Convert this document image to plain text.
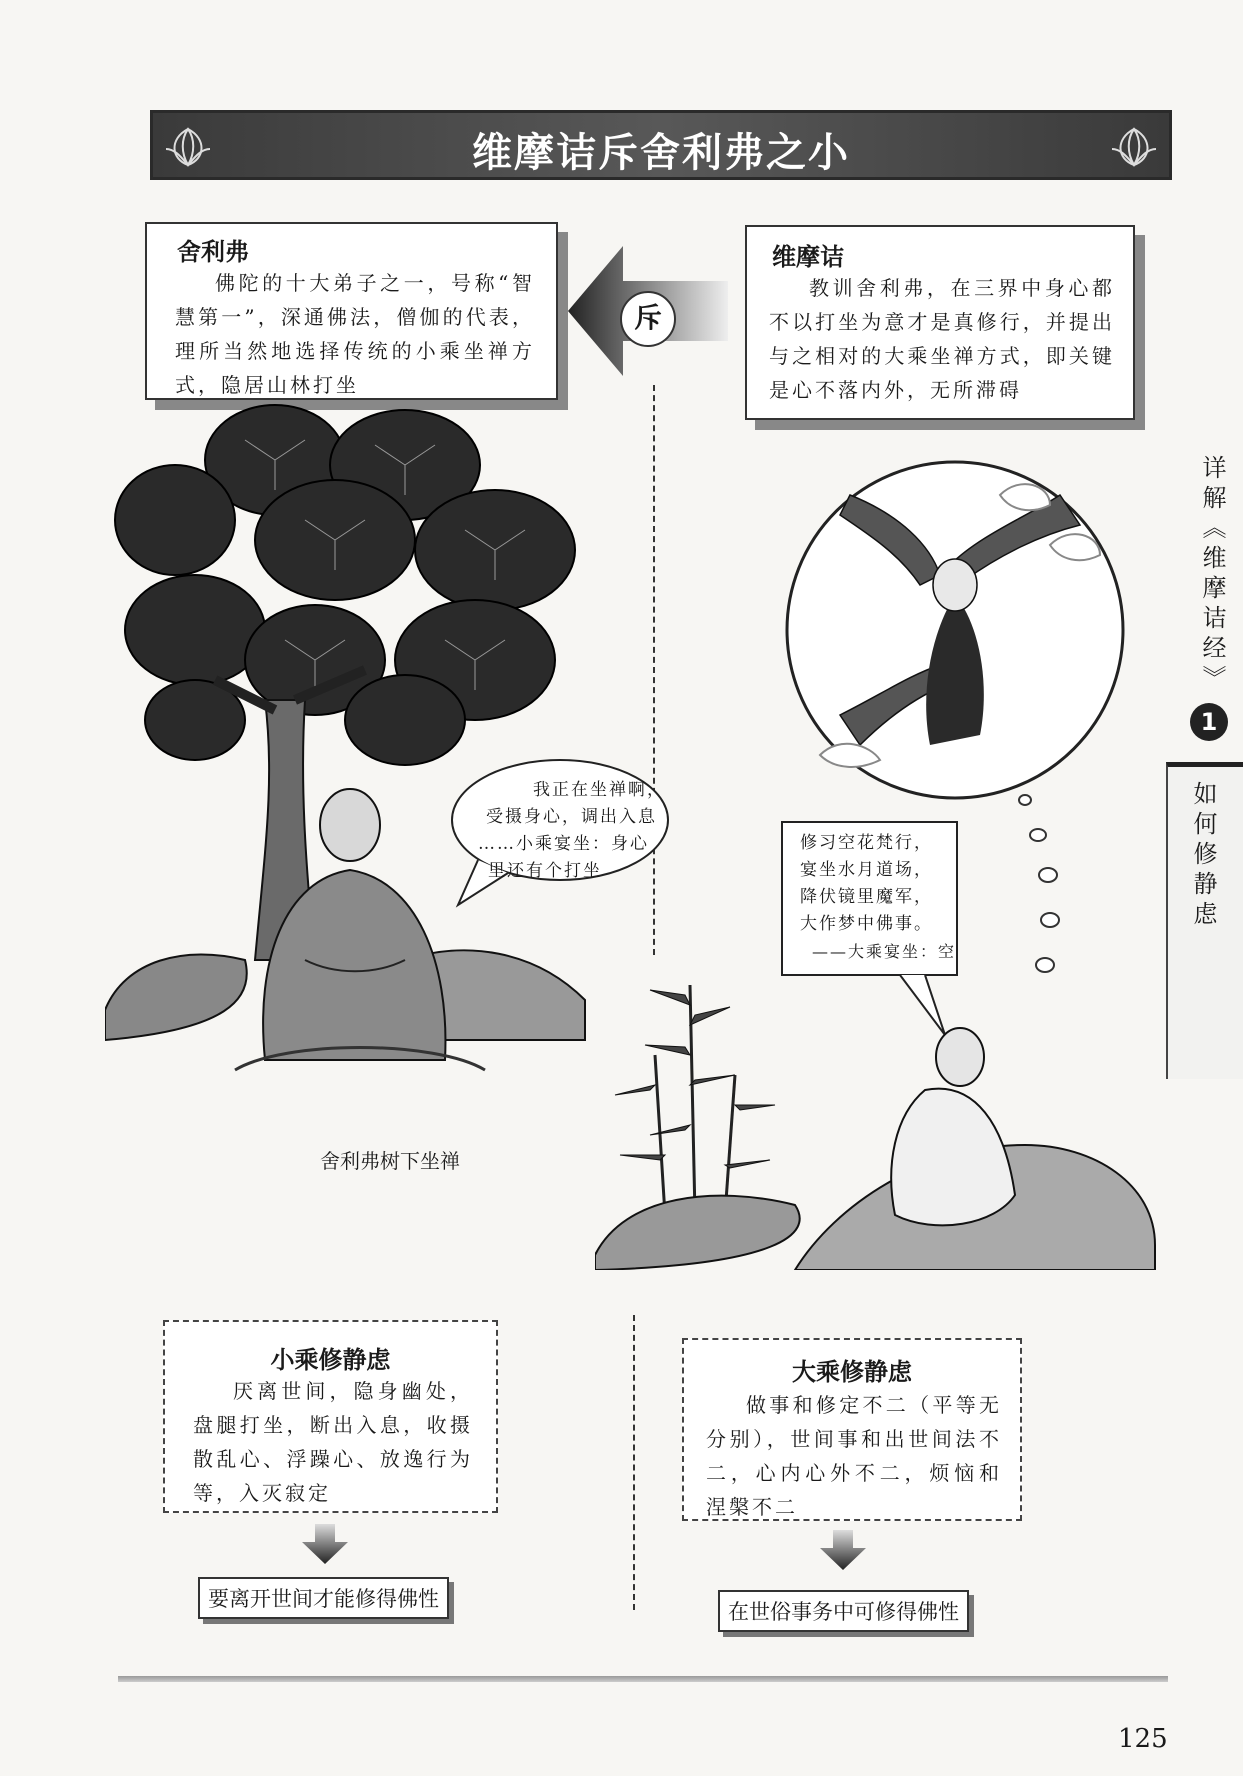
维摩诘斥舍利弗之小
舍利弗
佛陀的十大弟子之一，号称“智慧第一”，深通佛法，僧伽的代表，理所当然地选择传统的小乘坐禅方式，隐居山林打坐
斥
维摩诘
教训舍利弗，在三界中身心都不以打坐为意才是真修行，并提出与之相对的大乘坐禅方式，即关键是心不落内外，无所滞碍
我正在坐禅啊，
受摄身心，调出入息
……小乘宴坐：身心
里还有个打坐
舍利弗树下坐禅
修习空花梵行，
宴坐水月道场，
降伏镜里魔军，
大作梦中佛事。
——大乘宴坐：空
小乘修静虑
厌离世间，隐身幽处，盘腿打坐，断出入息，收摄散乱心、浮躁心、放逸行为等，入灭寂定
要离开世间才能修得佛性
大乘修静虑
做事和修定不二（平等无分别），世间事和出世间法不二，心内心外不二，烦恼和涅槃不二
在世俗事务中可修得佛性
详解《维摩诘经》
1
如何修静虑
125
